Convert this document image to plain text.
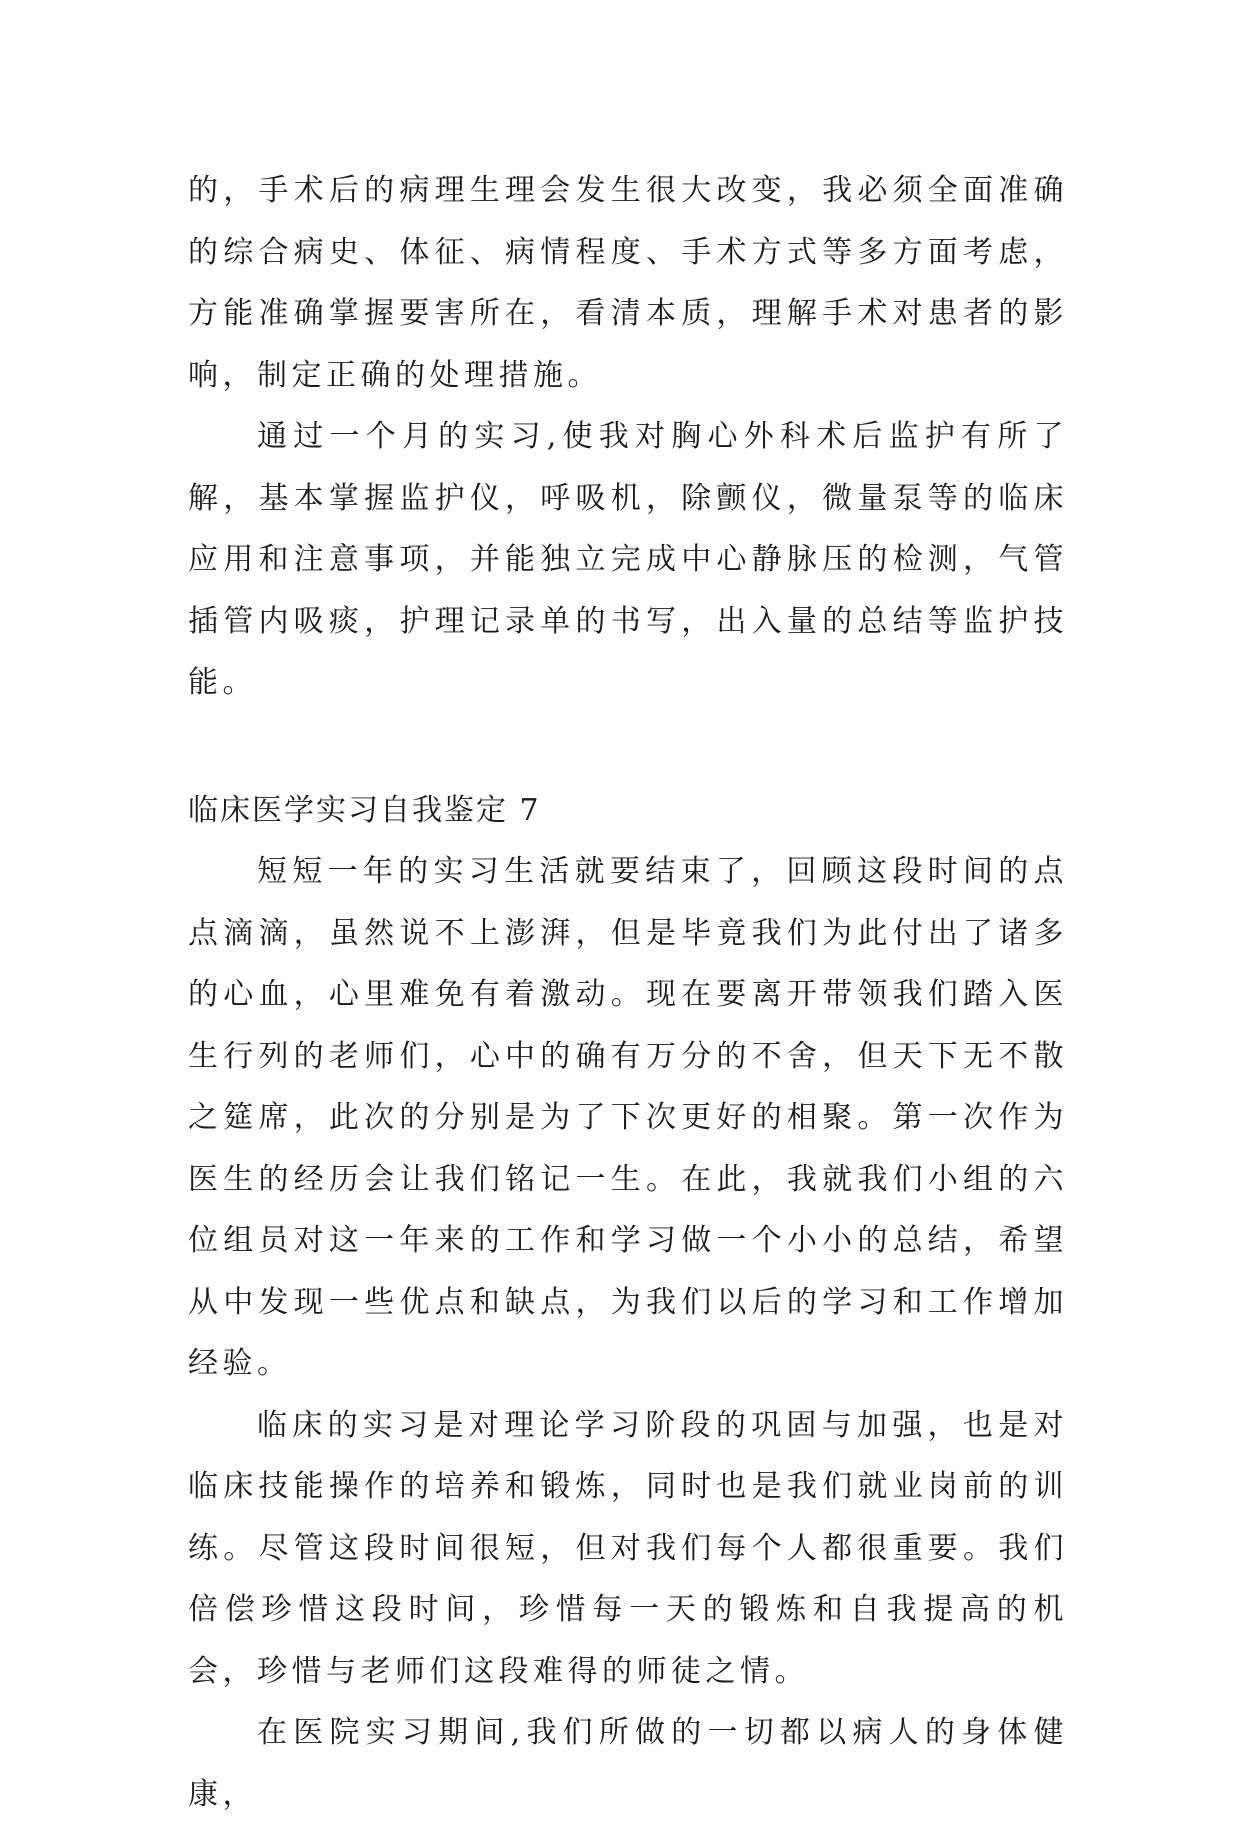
的，手术后的病理生理会发生很大改变，我必须全面准确的综合病史、体征、病情程度、手术方式等多方面考虑，方能准确掌握要害所在，看清本质，理解手术对患者的影响，制定正确的处理措施。

通过一个月的实习,使我对胸心外科术后监护有所了解，基本掌握监护仪，呼吸机，除颤仪，微量泵等的临床应用和注意事项，并能独立完成中心静脉压的检测，气管插管内吸痰，护理记录单的书写，出入量的总结等监护技能。

临床医学实习自我鉴定 7

短短一年的实习生活就要结束了，回顾这段时间的点点滴滴，虽然说不上澎湃，但是毕竟我们为此付出了诸多的心血，心里难免有着激动。现在要离开带领我们踏入医生行列的老师们，心中的确有万分的不舍，但天下无不散之筵席，此次的分别是为了下次更好的相聚。第一次作为医生的经历会让我们铭记一生。在此，我就我们小组的六位组员对这一年来的工作和学习做一个小小的总结，希望从中发现一些优点和缺点，为我们以后的学习和工作增加经验。

临床的实习是对理论学习阶段的巩固与加强，也是对临床技能操作的培养和锻炼，同时也是我们就业岗前的训练。尽管这段时间很短，但对我们每个人都很重要。我们倍偿珍惜这段时间，珍惜每一天的锻炼和自我提高的机会，珍惜与老师们这段难得的师徒之情。

在医院实习期间,我们所做的一切都以病人的身体健康，
